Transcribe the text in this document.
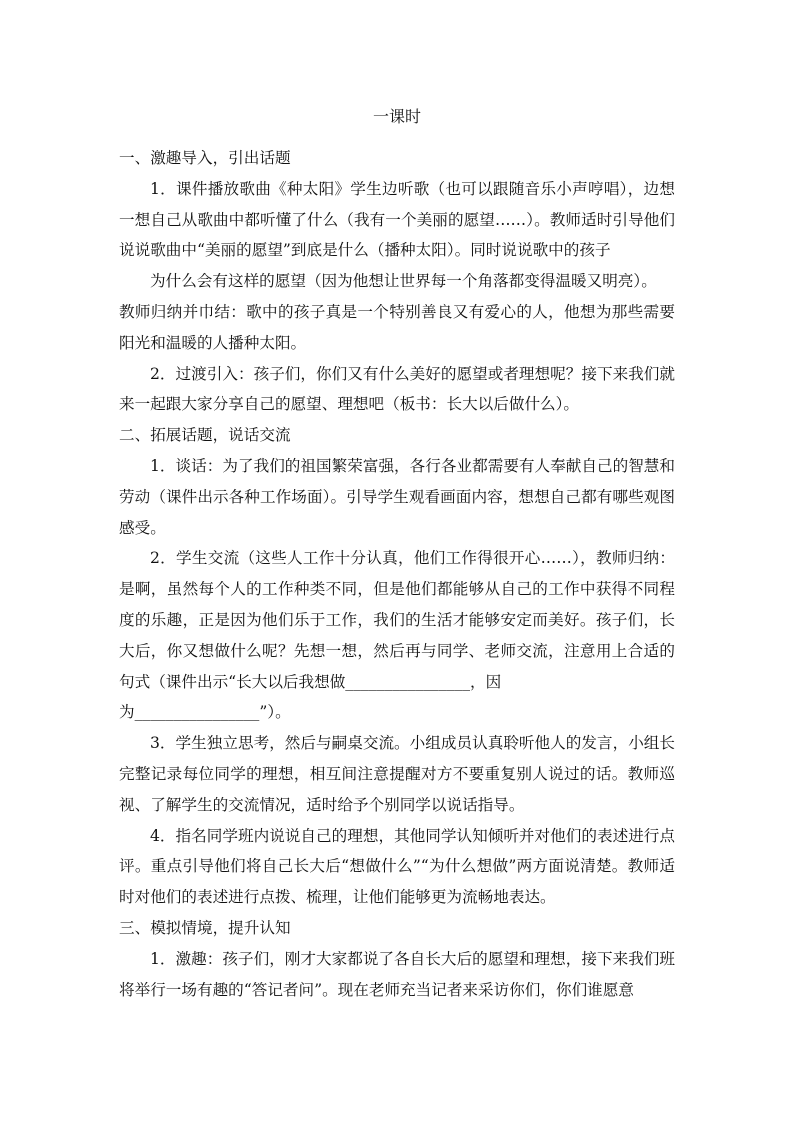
一课时

一、激趣导入，引出话题

1．课件播放歌曲《种太阳》学生边听歌（也可以跟随音乐小声哼唱），边想一想自己从歌曲中都听懂了什么（我有一个美丽的愿望……）。教师适时引导他们说说歌曲中“美丽的愿望”到底是什么（播种太阳）。同时说说歌中的孩子

为什么会有这样的愿望（因为他想让世界每一个角落都变得温暖又明亮）。

教师归纳并巾结：歌中的孩子真是一个特别善良又有爱心的人，他想为那些需要阳光和温暖的人播种太阳。

2．过渡引入：孩子们，你们又有什么美好的愿望或者理想呢？接下来我们就来一起跟大家分享自己的愿望、理想吧（板书：长大以后做什么）。

二、拓展话题，说话交流

1．谈话：为了我们的祖国繁荣富强，各行各业都需要有人奉献自己的智慧和劳动（课件出示各种工作场面）。引导学生观看画面内容，想想自己都有哪些观图感受。

2．学生交流（这些人工作十分认真，他们工作得很开心……），教师归纳：是啊，虽然每个人的工作种类不同，但是他们都能够从自己的工作中获得不同程度的乐趣，正是因为他们乐于工作，我们的生活才能够安定而美好。孩子们，长大后，你又想做什么呢？先想一想，然后再与同学、老师交流，注意用上合适的句式（课件出示“长大以后我想做________________，因

为________________”）。

3．学生独立思考，然后与嗣桌交流。小组成员认真聆听他人的发言，小组长完整记录每位同学的理想，相互间注意提醒对方不要重复别人说过的话。教师巡视、了解学生的交流情况，适时给予个别同学以说话指导。

4．指名同学班内说说自己的理想，其他同学认知倾听并对他们的表述进行点评。重点引导他们将自己长大后“想做什么”“为什么想做”两方面说清楚。教师适时对他们的表述进行点拨、梳理，让他们能够更为流畅地表达。

三、模拟情境，提升认知

1．激趣：孩子们，刚才大家都说了各自长大后的愿望和理想，接下来我们班将举行一场有趣的“答记者问”。现在老师充当记者来采访你们，你们谁愿意
